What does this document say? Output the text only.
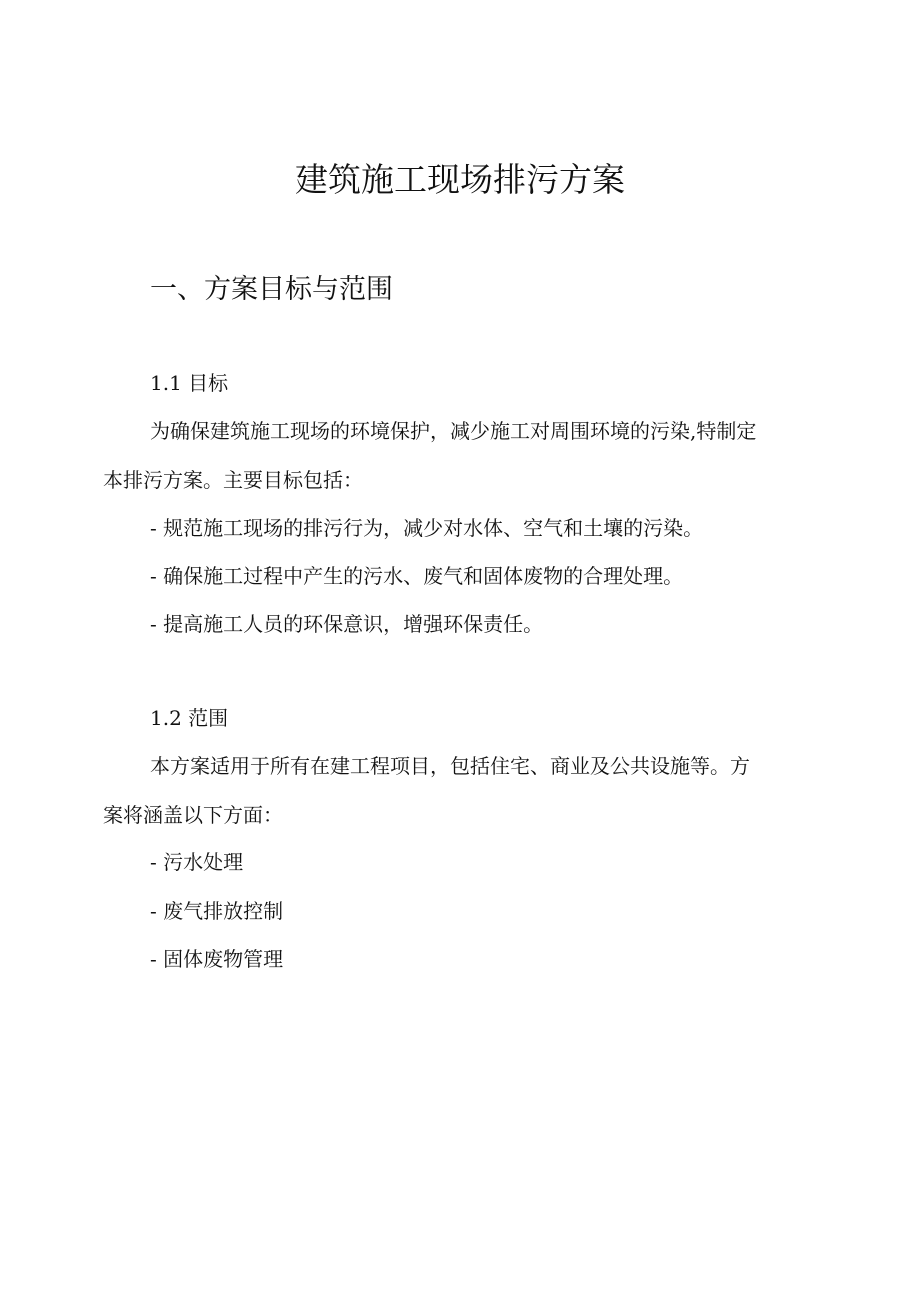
建筑施工现场排污方案
一、方案目标与范围

1.1 目标

为确保建筑施工现场的环境保护，减少施工对周围环境的污染,特制定

本排污方案。主要目标包括：

- 规范施工现场的排污行为，减少对水体、空气和土壤的污染。

- 确保施工过程中产生的污水、废气和固体废物的合理处理。

- 提高施工人员的环保意识，增强环保责任。

1.2 范围

本方案适用于所有在建工程项目，包括住宅、商业及公共设施等。方

案将涵盖以下方面：

- 污水处理

- 废气排放控制

- 固体废物管理
